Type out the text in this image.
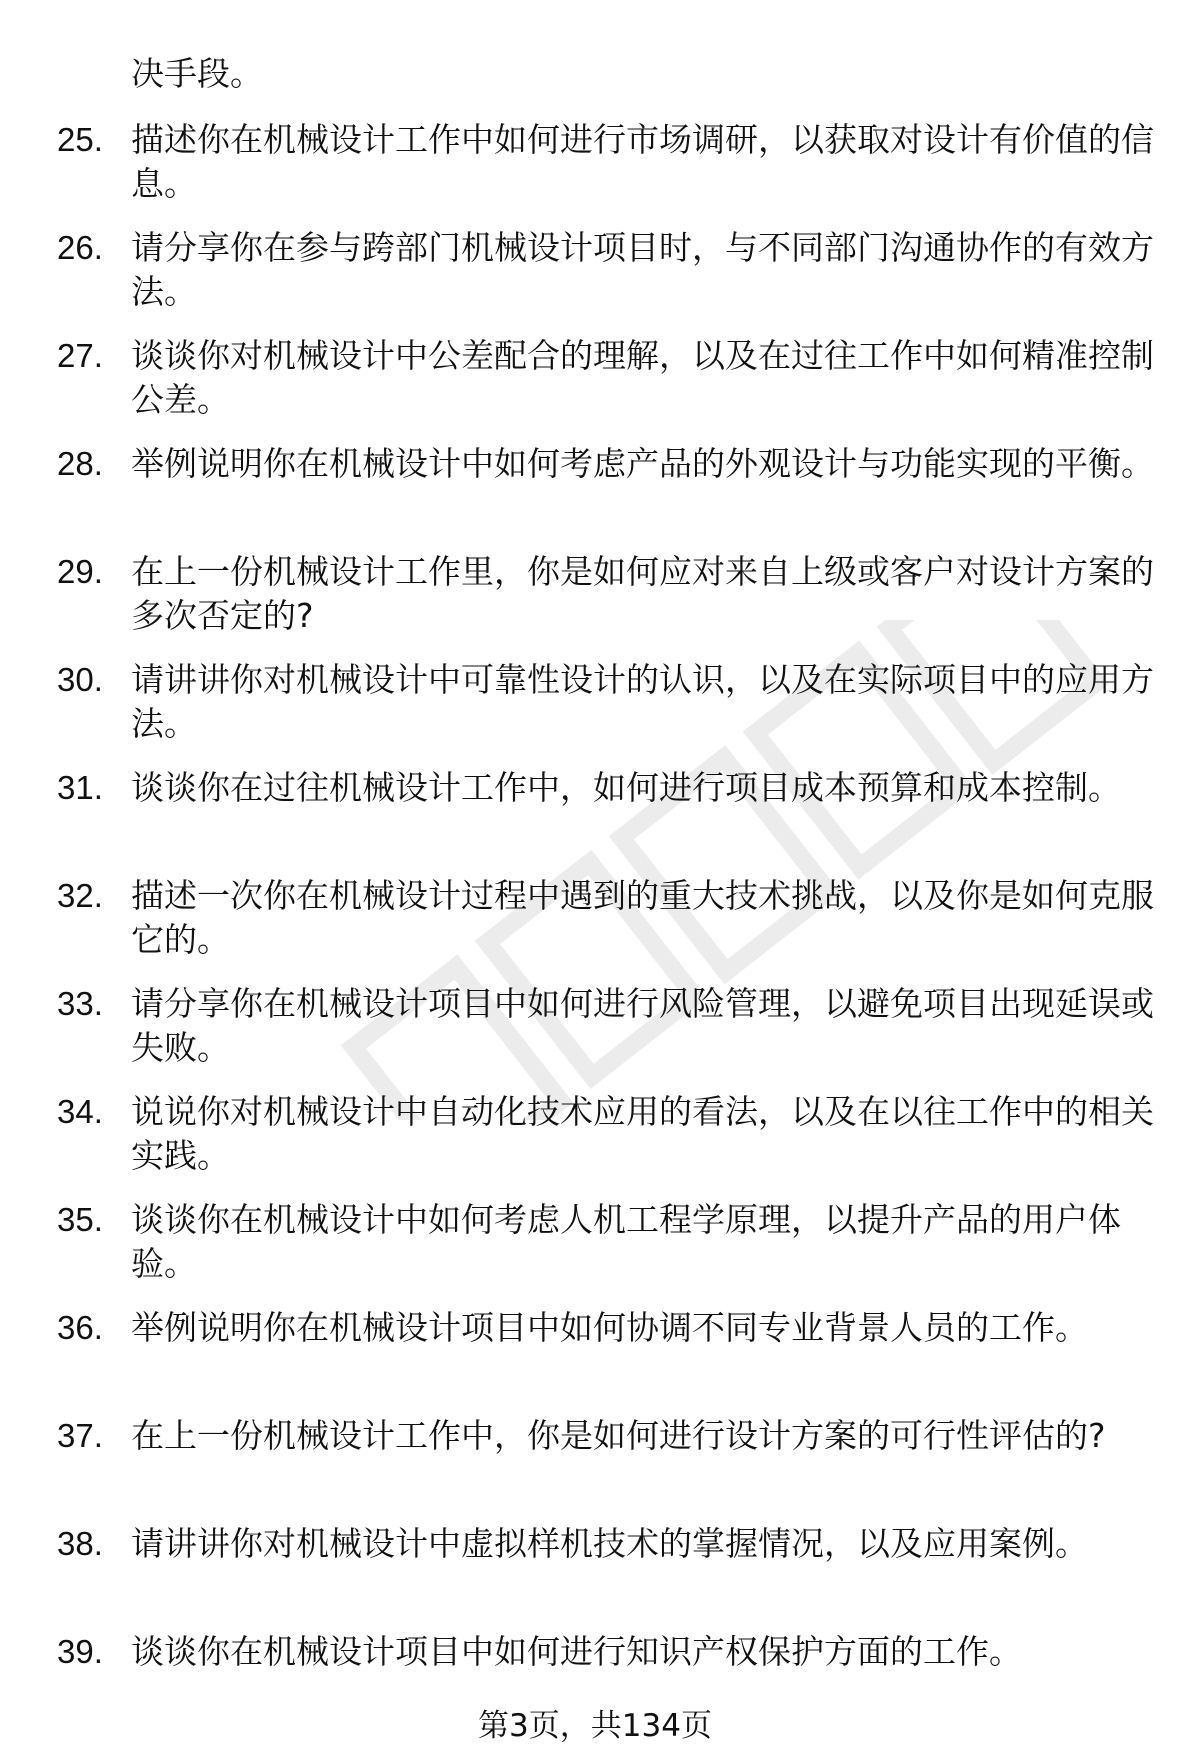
决手段。
25. 描述你在机械设计工作中如何进行市场调研，以获取对设计有价值的信息。
26. 请分享你在参与跨部门机械设计项目时，与不同部门沟通协作的有效方法。
27. 谈谈你对机械设计中公差配合的理解，以及在过往工作中如何精准控制公差。
28. 举例说明你在机械设计中如何考虑产品的外观设计与功能实现的平衡。
29. 在上一份机械设计工作里，你是如何应对来自上级或客户对设计方案的多次否定的?
30. 请讲讲你对机械设计中可靠性设计的认识，以及在实际项目中的应用方法。
31. 谈谈你在过往机械设计工作中，如何进行项目成本预算和成本控制。
32. 描述一次你在机械设计过程中遇到的重大技术挑战，以及你是如何克服它的。
33. 请分享你在机械设计项目中如何进行风险管理，以避免项目出现延误或失败。
34. 说说你对机械设计中自动化技术应用的看法，以及在以往工作中的相关实践。
35. 谈谈你在机械设计中如何考虑人机工程学原理，以提升产品的用户体验。
36. 举例说明你在机械设计项目中如何协调不同专业背景人员的工作。
37. 在上一份机械设计工作中，你是如何进行设计方案的可行性评估的?
38. 请讲讲你对机械设计中虚拟样机技术的掌握情况，以及应用案例。
39. 谈谈你在机械设计项目中如何进行知识产权保护方面的工作。
第3页，共134页
